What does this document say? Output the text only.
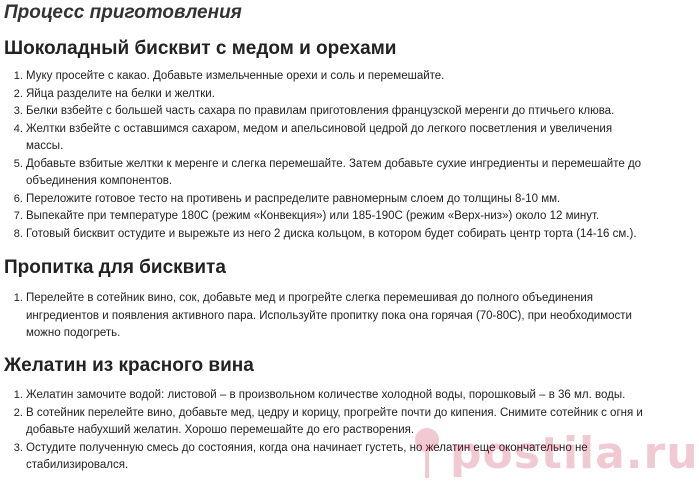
Процесс приготовления
Шоколадный бисквит с медом и орехами
1. Муку просейте с какао. Добавьте измельченные орехи и соль и перемешайте.
2. Яйца разделите на белки и желтки.
3. Белки взбейте с большей часть сахара по правилам приготовления французской меренги до птичьего клюва.
4. Желтки взбейте с оставшимся сахаром, медом и апельсиновой цедрой до легкого посветления и увеличения массы.
5. Добавьте взбитые желтки к меренге и слегка перемешайте. Затем добавьте сухие ингредиенты и перемешайте до объединения компонентов.
6. Переложите готовое тесто на противень и распределите равномерным слоем до толщины 8-10 мм.
7. Выпекайте при температуре 180С (режим «Конвекция») или 185-190С (режим «Верх-низ») около 12 минут.
8. Готовый бисквит остудите и вырежьте из него 2 диска кольцом, в котором будет собирать центр торта (14-16 см.).
Пропитка для бисквита
1. Перелейте в сотейник вино, сок, добавьте мед и прогрейте слегка перемешивая до полного объединения ингредиентов и появления активного пара. Используйте пропитку пока она горячая (70-80С), при необходимости можно подогреть.
Желатин из красного вина
1. Желатин замочите водой: листовой – в произвольном количестве холодной воды, порошковый – в 36 мл. воды.
2. В сотейник перелейте вино, добавьте мед, цедру и корицу, прогрейте почти до кипения. Снимите сотейник с огня и добавьте набухший желатин. Хорошо перемешайте до его растворения.
3. Остудите полученную смесь до состояния, когда она начинает густеть, но желатин еще окончательно не стабилизировался.	postila.ru
